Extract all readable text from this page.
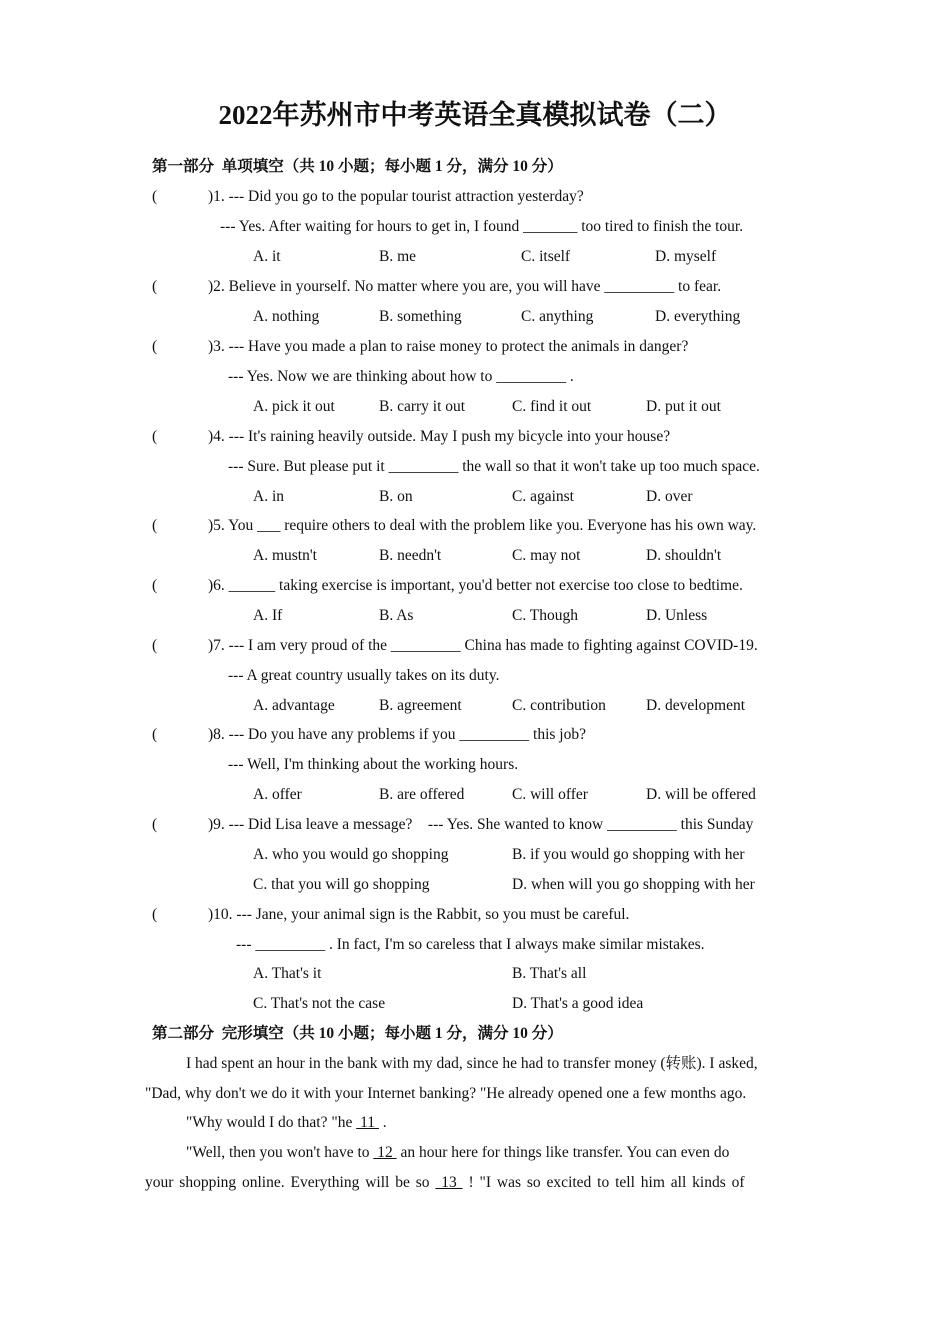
2022年苏州市中考英语全真模拟试卷（二）
第一部分  单项填空（共 10 小题；每小题 1 分，满分 10 分）
(	)1. --- Did you go to the popular tourist attraction yesterday?
--- Yes. After waiting for hours to get in, I found _______ too tired to finish the tour.
A. it	B. me	C. itself	D. myself
(	)2. Believe in yourself. No matter where you are, you will have _________ to fear.
A. nothing	B. something	C. anything	D. everything
(	)3. --- Have you made a plan to raise money to protect the animals in danger?
--- Yes. Now we are thinking about how to _________ .
A. pick it out	B. carry it out	C. find it out	D. put it out
(	)4. --- It's raining heavily outside. May I push my bicycle into your house?
--- Sure. But please put it _________ the wall so that it won't take up too much space.
A. in	B. on	C. against	D. over
(	)5. You ___ require others to deal with the problem like you. Everyone has his own way.
A. mustn't	B. needn't	C. may not	D. shouldn't
(	)6. ______ taking exercise is important, you'd better not exercise too close to bedtime.
A. If	B. As	C. Though	D. Unless
(	)7. --- I am very proud of the _________ China has made to fighting against COVID-19.
--- A great country usually takes on its duty.
A. advantage	B. agreement	C. contribution	D. development
(	)8. --- Do you have any problems if you _________ this job?
--- Well, I'm thinking about the working hours.
A. offer	B. are offered	C. will offer	D. will be offered
(	)9. --- Did Lisa leave a message?    --- Yes. She wanted to know _________ this Sunday
A. who you would go shopping	B. if you would go shopping with her
C. that you will go shopping	D. when will you go shopping with her
(	)10. --- Jane, your animal sign is the Rabbit, so you must be careful.
--- _________ . In fact, I'm so careless that I always make similar mistakes.
A. That's it	B. That's all
C. That's not the case	D. That's a good idea
第二部分  完形填空（共 10 小题；每小题 1 分，满分 10 分）
I had spent an hour in the bank with my dad, since he had to transfer money (转账). I asked,
"Dad, why don't we do it with your Internet banking? "He already opened one a few months ago.
"Why would I do that? "he  11  .
"Well, then you won't have to  12  an hour here for things like transfer. You can even do
your shopping online. Everything will be so  13  ! "I was so excited to tell him all kinds of
